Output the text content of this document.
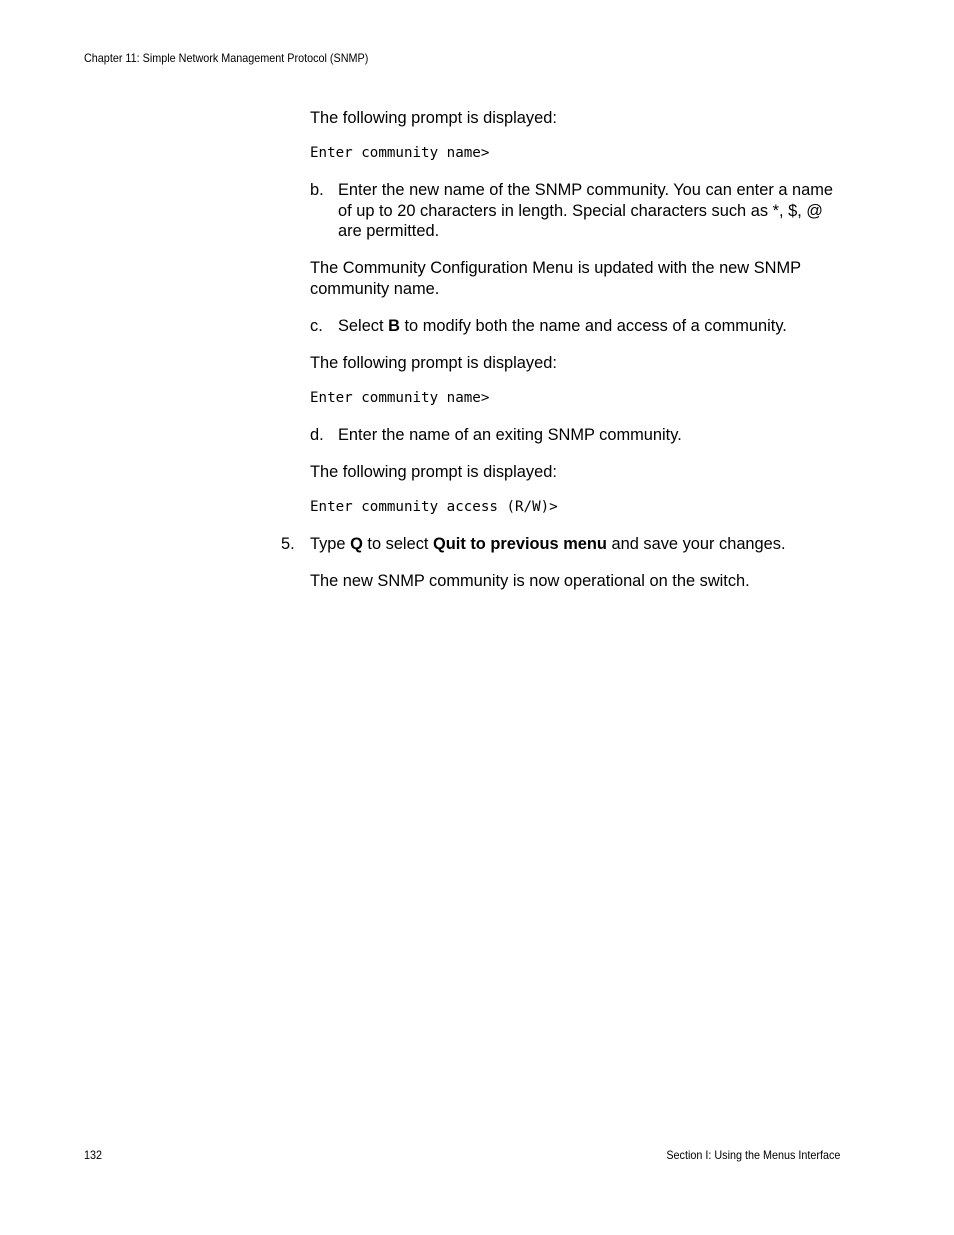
Chapter 11: Simple Network Management Protocol (SNMP)
The following prompt is displayed:
Enter community name>
b. Enter the new name of the SNMP community. You can enter a name of up to 20 characters in length. Special characters such as *, $, @ are permitted.
The Community Configuration Menu is updated with the new SNMP community name.
c. Select B to modify both the name and access of a community.
The following prompt is displayed:
Enter community name>
d. Enter the name of an exiting SNMP community.
The following prompt is displayed:
Enter community access (R/W)>
5. Type Q to select Quit to previous menu and save your changes.
The new SNMP community is now operational on the switch.
132	Section I: Using the Menus Interface
